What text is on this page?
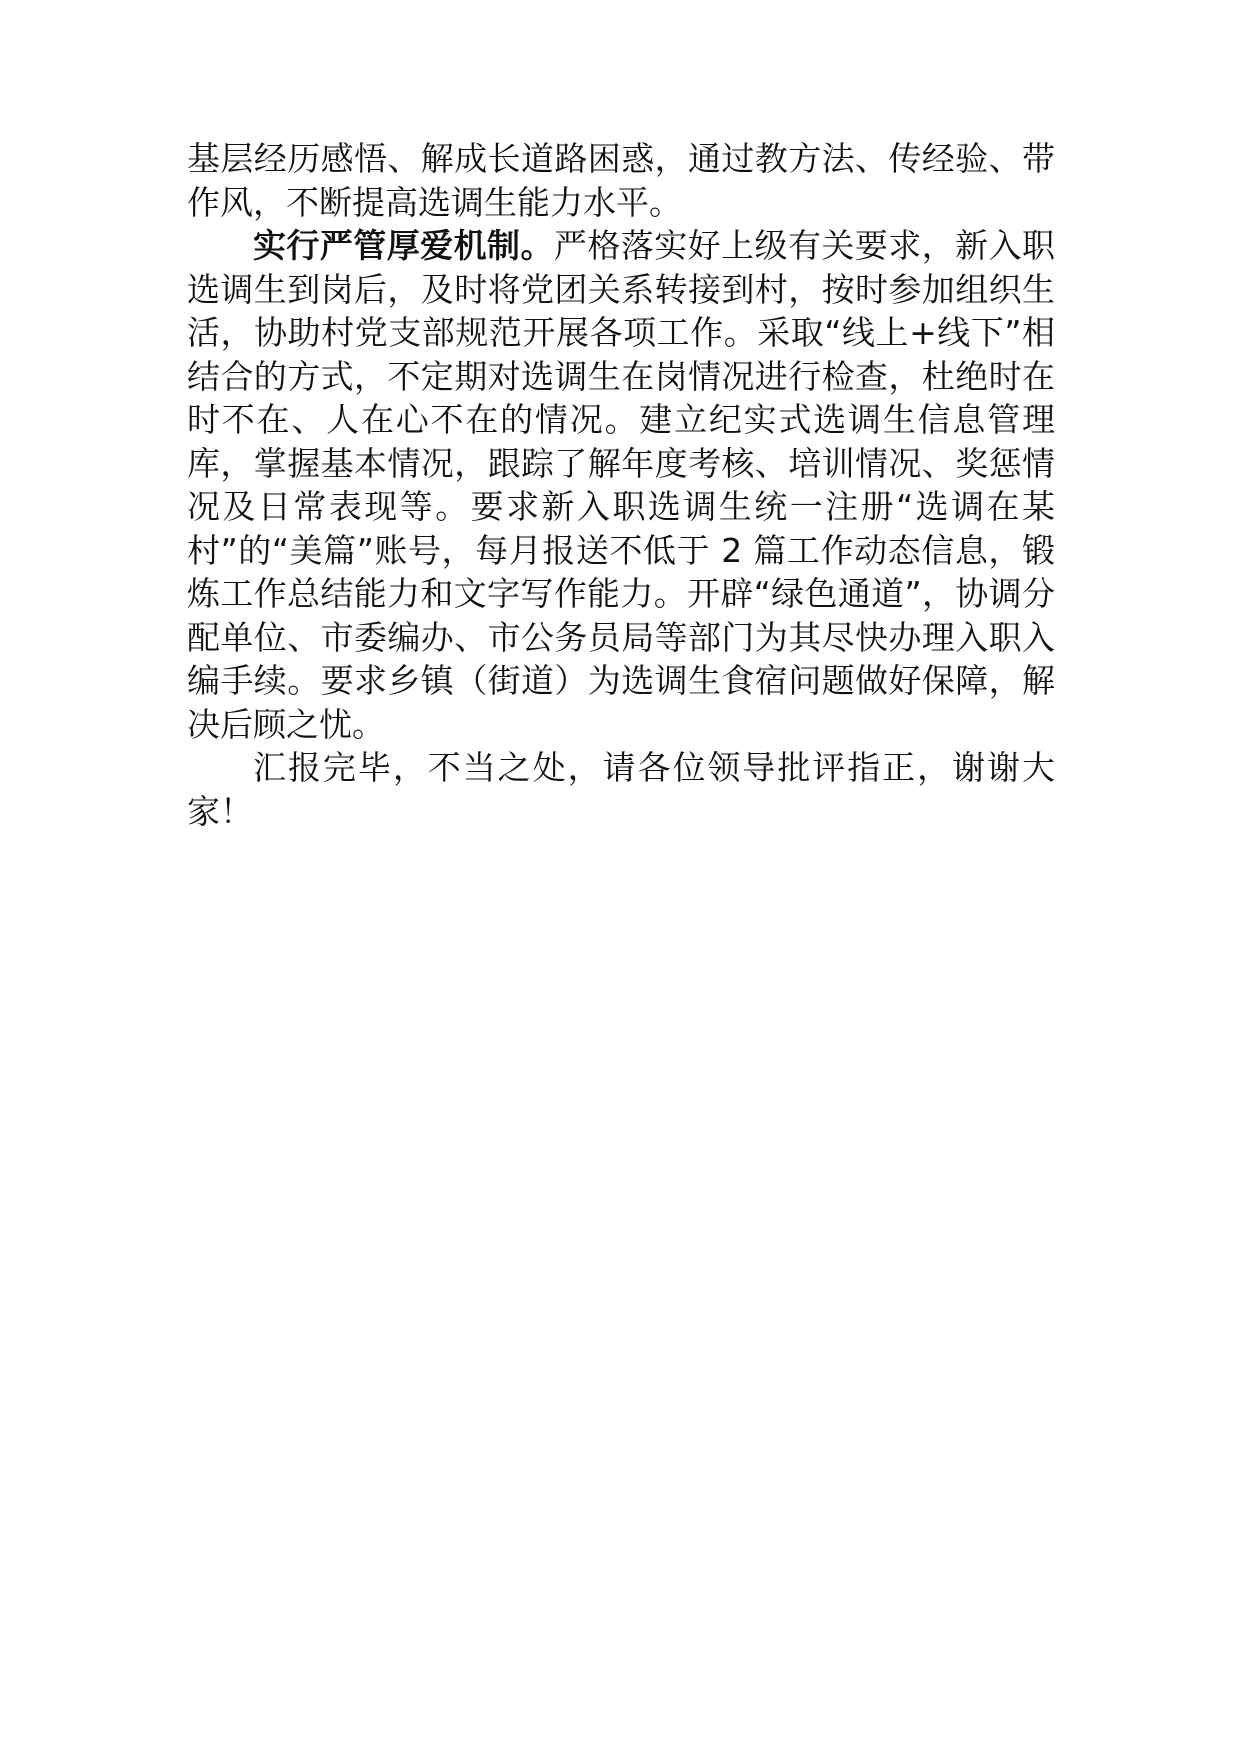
基层经历感悟、解成长道路困惑，通过教方法、传经验、带作风，不断提高选调生能力水平。

实行严管厚爱机制。严格落实好上级有关要求，新入职选调生到岗后，及时将党团关系转接到村，按时参加组织生活，协助村党支部规范开展各项工作。采取“线上+线下”相结合的方式，不定期对选调生在岗情况进行检查，杜绝时在时不在、人在心不在的情况。建立纪实式选调生信息管理库，掌握基本情况，跟踪了解年度考核、培训情况、奖惩情况及日常表现等。要求新入职选调生统一注册“选调在某村”的“美篇”账号，每月报送不低于 2 篇工作动态信息，锻炼工作总结能力和文字写作能力。开辟“绿色通道”，协调分配单位、市委编办、市公务员局等部门为其尽快办理入职入编手续。要求乡镇（街道）为选调生食宿问题做好保障，解决后顾之忧。

汇报完毕，不当之处，请各位领导批评指正，谢谢大家！
